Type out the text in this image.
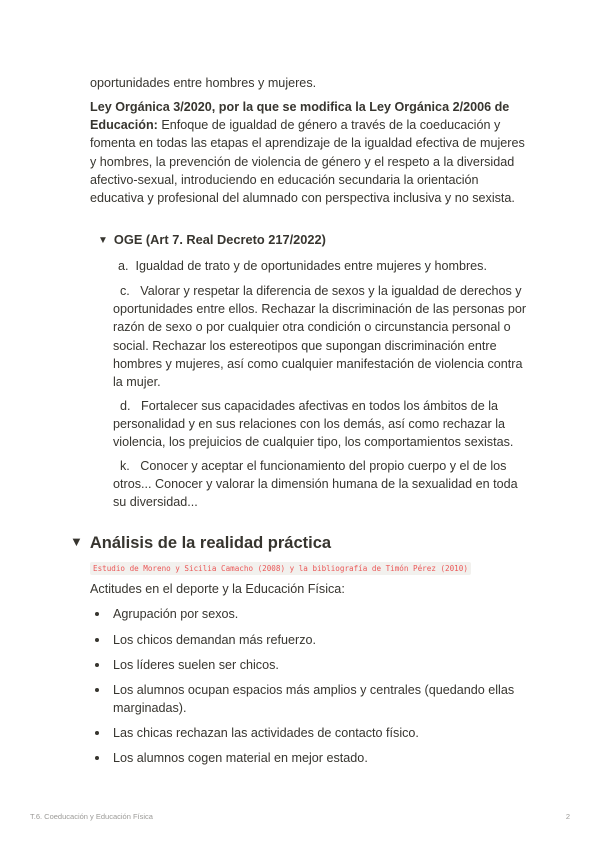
oportunidades entre hombres y mujeres.

Ley Orgánica 3/2020, por la que se modifica la Ley Orgánica 2/2006 de Educación: Enfoque de igualdad de género a través de la coeducación y fomenta en todas las etapas el aprendizaje de la igualdad efectiva de mujeres y hombres, la prevención de violencia de género y el respeto a la diversidad afectivo-sexual, introduciendo en educación secundaria la orientación educativa y profesional del alumnado con perspectiva inclusiva y no sexista.

▼ OGE (Art 7. Real Decreto 217/2022)

a. Igualdad de trato y de oportunidades entre mujeres y hombres.

c. Valorar y respetar la diferencia de sexos y la igualdad de derechos y oportunidades entre ellos. Rechazar la discriminación de las personas por razón de sexo o por cualquier otra condición o circunstancia personal o social. Rechazar los estereotipos que supongan discriminación entre hombres y mujeres, así como cualquier manifestación de violencia contra la mujer.

d. Fortalecer sus capacidades afectivas en todos los ámbitos de la personalidad y en sus relaciones con los demás, así como rechazar la violencia, los prejuicios de cualquier tipo, los comportamientos sexistas.

k. Conocer y aceptar el funcionamiento del propio cuerpo y el de los otros... Conocer y valorar la dimensión humana de la sexualidad en toda su diversidad...

▼ Análisis de la realidad práctica
Estudio de Moreno y Sicilia Camacho (2008) y la bibliografía de Timón Pérez (2010)

Actitudes en el deporte y la Educación Física:

Agrupación por sexos.
Los chicos demandan más refuerzo.
Los líderes suelen ser chicos.
Los alumnos ocupan espacios más amplios y centrales (quedando ellas marginadas).
Las chicas rechazan las actividades de contacto físico.
Los alumnos cogen material en mejor estado.
T.6. Coeducación y Educación Física	2
